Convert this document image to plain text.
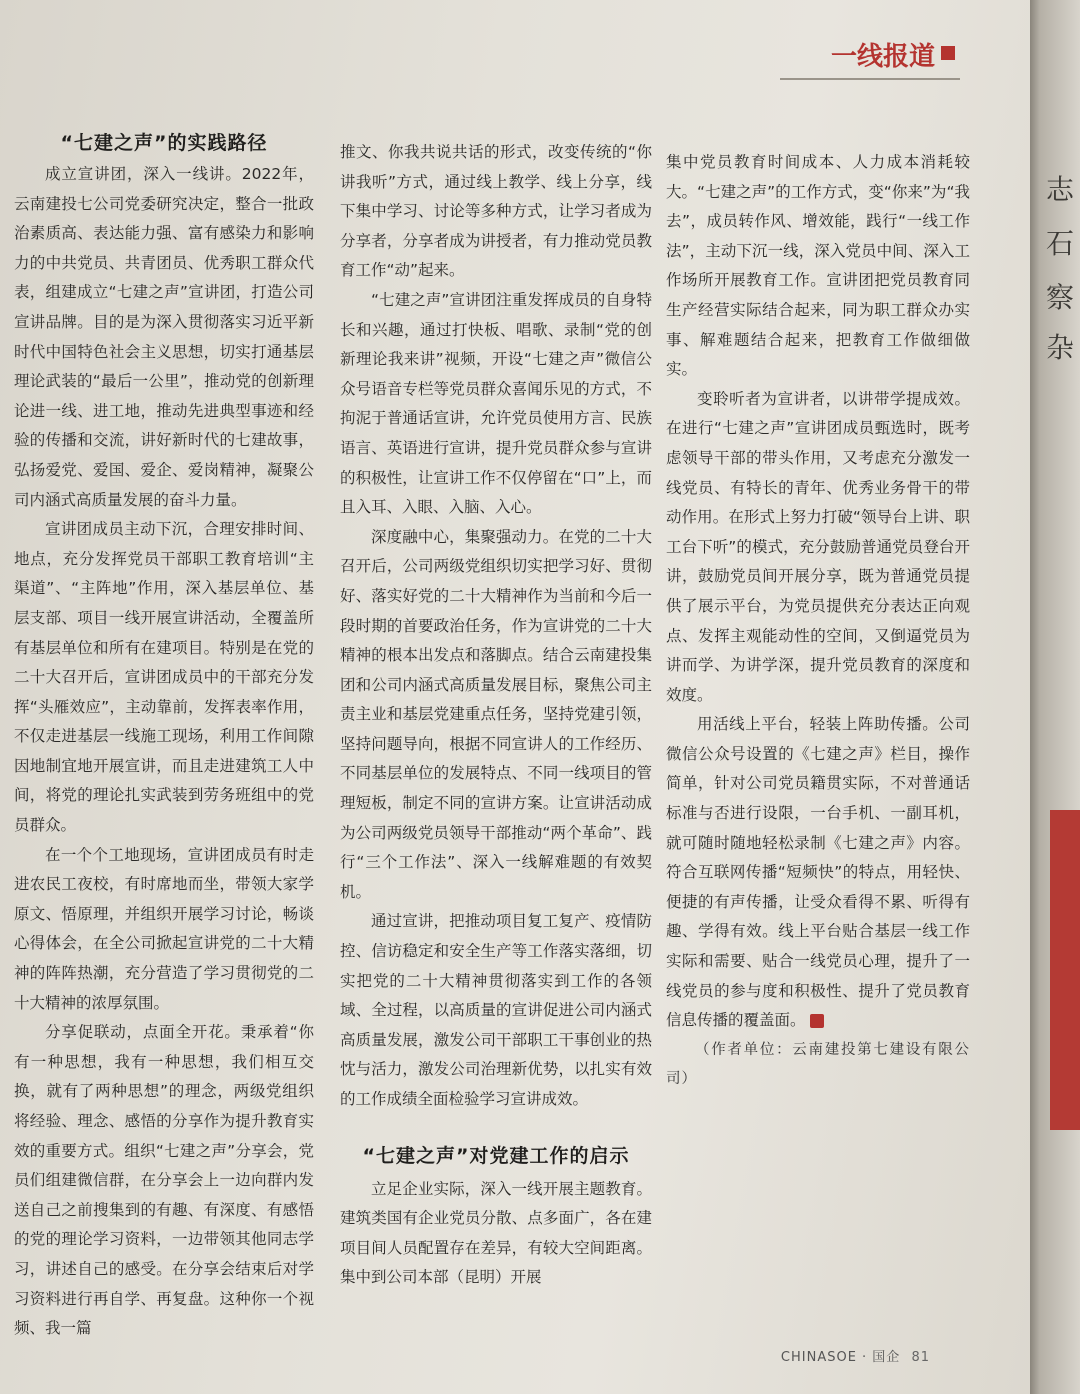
一线报道
“七建之声”的实践路径

成立宣讲团，深入一线讲。2022年，云南建投七公司党委研究决定，整合一批政治素质高、表达能力强、富有感染力和影响力的中共党员、共青团员、优秀职工群众代表，组建成立“七建之声”宣讲团，打造公司宣讲品牌。目的是为深入贯彻落实习近平新时代中国特色社会主义思想，切实打通基层理论武装的“最后一公里”，推动党的创新理论进一线、进工地，推动先进典型事迹和经验的传播和交流，讲好新时代的七建故事，弘扬爱党、爱国、爱企、爱岗精神，凝聚公司内涵式高质量发展的奋斗力量。

宣讲团成员主动下沉，合理安排时间、地点，充分发挥党员干部职工教育培训“主渠道”、“主阵地”作用，深入基层单位、基层支部、项目一线开展宣讲活动，全覆盖所有基层单位和所有在建项目。特别是在党的二十大召开后，宣讲团成员中的干部充分发挥“头雁效应”，主动靠前，发挥表率作用，不仅走进基层一线施工现场，利用工作间隙因地制宜地开展宣讲，而且走进建筑工人中间，将党的理论扎实武装到劳务班组中的党员群众。

在一个个工地现场，宣讲团成员有时走进农民工夜校，有时席地而坐，带领大家学原文、悟原理，并组织开展学习讨论，畅谈心得体会，在全公司掀起宣讲党的二十大精神的阵阵热潮，充分营造了学习贯彻党的二十大精神的浓厚氛围。

分享促联动，点面全开花。秉承着“你有一种思想，我有一种思想，我们相互交换，就有了两种思想”的理念，两级党组织将经验、理念、感悟的分享作为提升教育实效的重要方式。组织“七建之声”分享会，党员们组建微信群，在分享会上一边向群内发送自己之前搜集到的有趣、有深度、有感悟的党的理论学习资料，一边带领其他同志学习，讲述自己的感受。在分享会结束后对学习资料进行再自学、再复盘。这种你一个视频、我一篇

推文、你我共说共话的形式，改变传统的“你讲我听”方式，通过线上教学、线上分享，线下集中学习、讨论等多种方式，让学习者成为分享者，分享者成为讲授者，有力推动党员教育工作“动”起来。

“七建之声”宣讲团注重发挥成员的自身特长和兴趣，通过打快板、唱歌、录制“党的创新理论我来讲”视频，开设“七建之声”微信公众号语音专栏等党员群众喜闻乐见的方式，不拘泥于普通话宣讲，允许党员使用方言、民族语言、英语进行宣讲，提升党员群众参与宣讲的积极性，让宣讲工作不仅停留在“口”上，而且入耳、入眼、入脑、入心。

深度融中心，集聚强动力。在党的二十大召开后，公司两级党组织切实把学习好、贯彻好、落实好党的二十大精神作为当前和今后一段时期的首要政治任务，作为宣讲党的二十大精神的根本出发点和落脚点。结合云南建投集团和公司内涵式高质量发展目标，聚焦公司主责主业和基层党建重点任务，坚持党建引领，坚持问题导向，根据不同宣讲人的工作经历、不同基层单位的发展特点、不同一线项目的管理短板，制定不同的宣讲方案。让宣讲活动成为公司两级党员领导干部推动“两个革命”、践行“三个工作法”、深入一线解难题的有效契机。

通过宣讲，把推动项目复工复产、疫情防控、信访稳定和安全生产等工作落实落细，切实把党的二十大精神贯彻落实到工作的各领域、全过程，以高质量的宣讲促进公司内涵式高质量发展，激发公司干部职工干事创业的热忱与活力，激发公司治理新优势，以扎实有效的工作成绩全面检验学习宣讲成效。

“七建之声”对党建工作的启示

立足企业实际，深入一线开展主题教育。建筑类国有企业党员分散、点多面广，各在建项目间人员配置存在差异，有较大空间距离。集中到公司本部（昆明）开展

集中党员教育时间成本、人力成本消耗较大。“七建之声”的工作方式，变“你来”为“我去”，成员转作风、增效能，践行“一线工作法”，主动下沉一线，深入党员中间、深入工作场所开展教育工作。宣讲团把党员教育同生产经营实际结合起来，同为职工群众办实事、解难题结合起来，把教育工作做细做实。

变聆听者为宣讲者，以讲带学提成效。在进行“七建之声”宣讲团成员甄选时，既考虑领导干部的带头作用，又考虑充分激发一线党员、有特长的青年、优秀业务骨干的带动作用。在形式上努力打破“领导台上讲、职工台下听”的模式，充分鼓励普通党员登台开讲，鼓励党员间开展分享，既为普通党员提供了展示平台，为党员提供充分表达正向观点、发挥主观能动性的空间，又倒逼党员为讲而学、为讲学深，提升党员教育的深度和效度。

用活线上平台，轻装上阵助传播。公司微信公众号设置的《七建之声》栏目，操作简单，针对公司党员籍贯实际，不对普通话标准与否进行设限，一台手机、一副耳机，就可随时随地轻松录制《七建之声》内容。符合互联网传播“短频快”的特点，用轻快、便捷的有声传播，让受众看得不累、听得有趣、学得有效。线上平台贴合基层一线工作实际和需要、贴合一线党员心理，提升了一线党员的参与度和积极性、提升了党员教育信息传播的覆盖面。

（作者单位：云南建投第七建设有限公司）

CHINASOE · 国企 81
志
石
察
杂
